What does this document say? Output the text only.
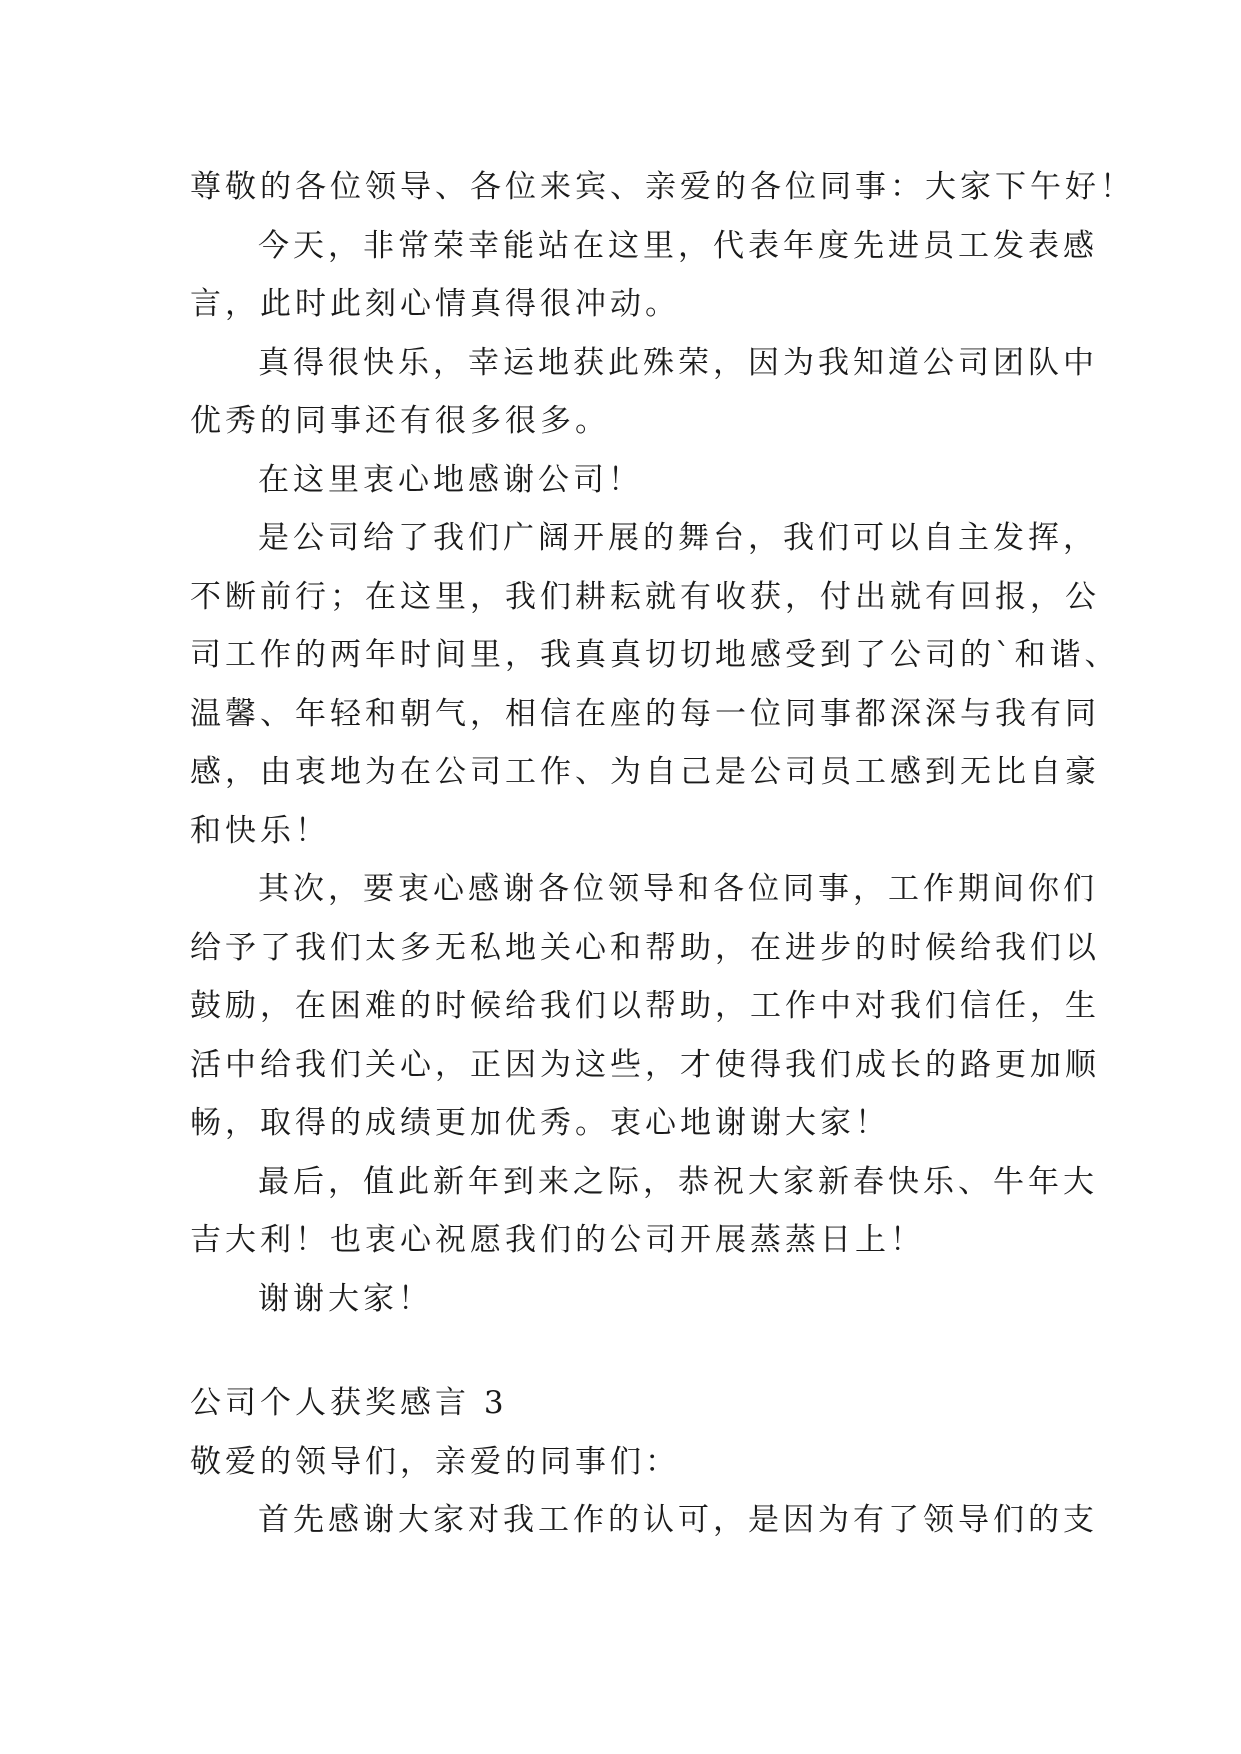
尊敬的各位领导、各位来宾、亲爱的各位同事：大家下午好！
今天，非常荣幸能站在这里，代表年度先进员工发表感
言，此时此刻心情真得很冲动。
真得很快乐，幸运地获此殊荣，因为我知道公司团队中
优秀的同事还有很多很多。
在这里衷心地感谢公司！
是公司给了我们广阔开展的舞台，我们可以自主发挥，
不断前行；在这里，我们耕耘就有收获，付出就有回报，公
司工作的两年时间里，我真真切切地感受到了公司的`和谐、
温馨、年轻和朝气，相信在座的每一位同事都深深与我有同
感，由衷地为在公司工作、为自己是公司员工感到无比自豪
和快乐！
其次，要衷心感谢各位领导和各位同事，工作期间你们
给予了我们太多无私地关心和帮助，在进步的时候给我们以
鼓励，在困难的时候给我们以帮助，工作中对我们信任，生
活中给我们关心，正因为这些，才使得我们成长的路更加顺
畅，取得的成绩更加优秀。衷心地谢谢大家！
最后，值此新年到来之际，恭祝大家新春快乐、牛年大
吉大利！也衷心祝愿我们的公司开展蒸蒸日上！
谢谢大家！
公司个人获奖感言 3
敬爱的领导们，亲爱的同事们：
首先感谢大家对我工作的认可，是因为有了领导们的支
